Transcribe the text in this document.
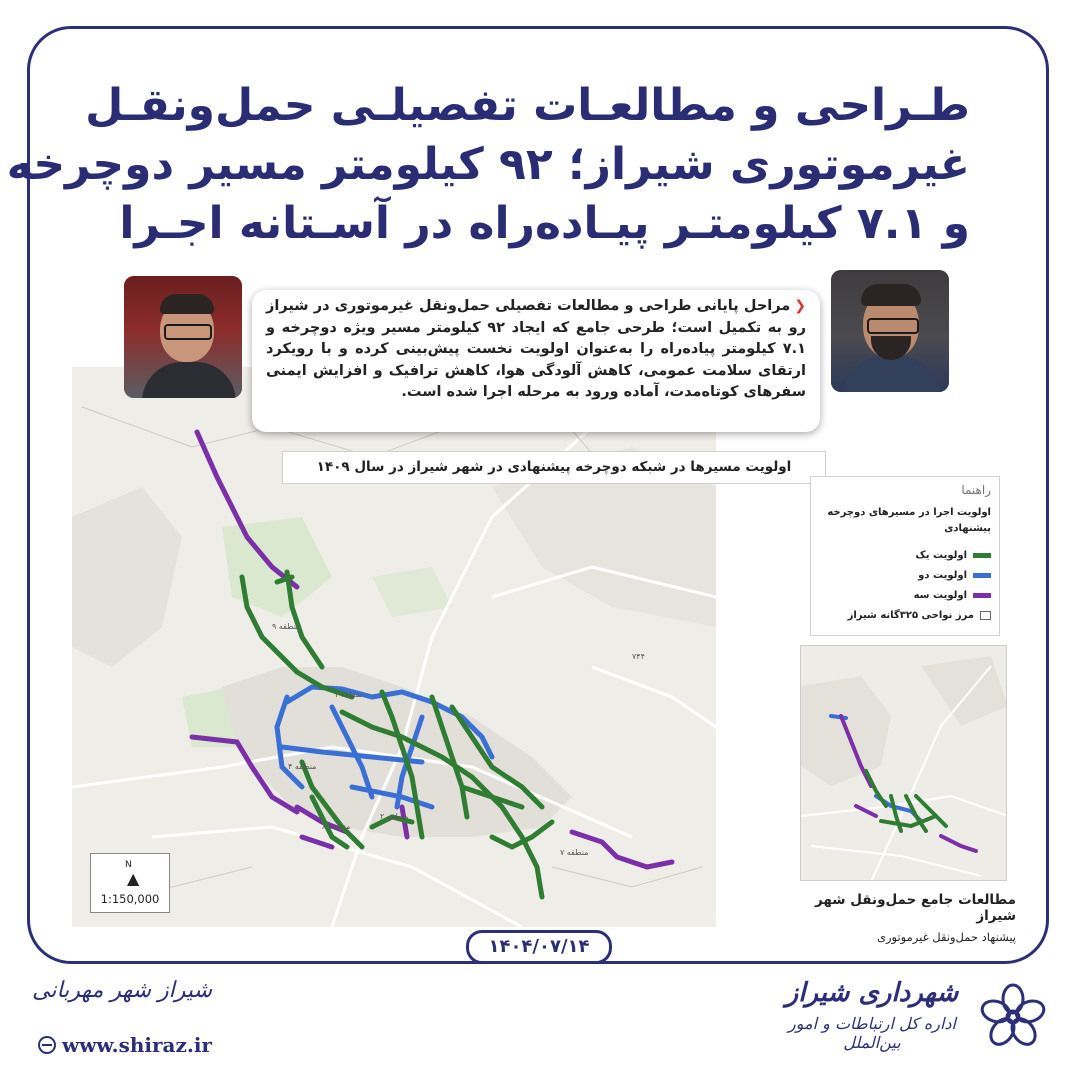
طـراحی و مطالعـات تفصیلـی حمل‌ونقـل
غیرموتوری شیراز؛ ۹۲ کیلومتر مسیر دوچرخه
و ۷.۱ کیلومتـر پیـاده‌راه در آسـتانه اجـرا
منطقه ۹
منطقه ۱
منطقه ۴
منطقه ۲
منطقه ۸
منطقه ۷
۷۴۴
اولویت مسیرها در شبکه دوچرخه پیشنهادی در شهر شیراز در سال ۱۴۰۹
N
▲
1:150,000
❮مراحل پایانی طراحی و مطالعات تفصیلی حمل‌ونقل غیرموتوری در شیراز رو به تکمیل است؛ طرحی جامع که ایجاد ۹۲ کیلومتر مسیر ویژه دوچرخه و ۷.۱ کیلومتر پیاده‌راه را به‌عنوان اولویت نخست پیش‌بینی کرده و با رویکرد ارتقای سلامت عمومی، کاهش آلودگی هوا، کاهش ترافیک و افزایش ایمنی سفرهای کوتاه‌مدت، آماده ورود به مرحله اجرا شده است.
راهنما
اولویت اجرا در مسیرهای دوچرخه پیشنهادی
اولویت یک
اولویت دو
اولویت سه
مرز نواحی ۳۲۵گانه شیراز
مطالعات جامع حمل‌ونقل شهر شیراز
پیشنهاد حمل‌ونقل غیرموتوری
۱۴۰۴/۰۷/۱۴
شیراز شهر مهربانی
www.shiraz.ir
شهرداری شیراز
اداره کل ارتباطات و امور بین‌الملل
